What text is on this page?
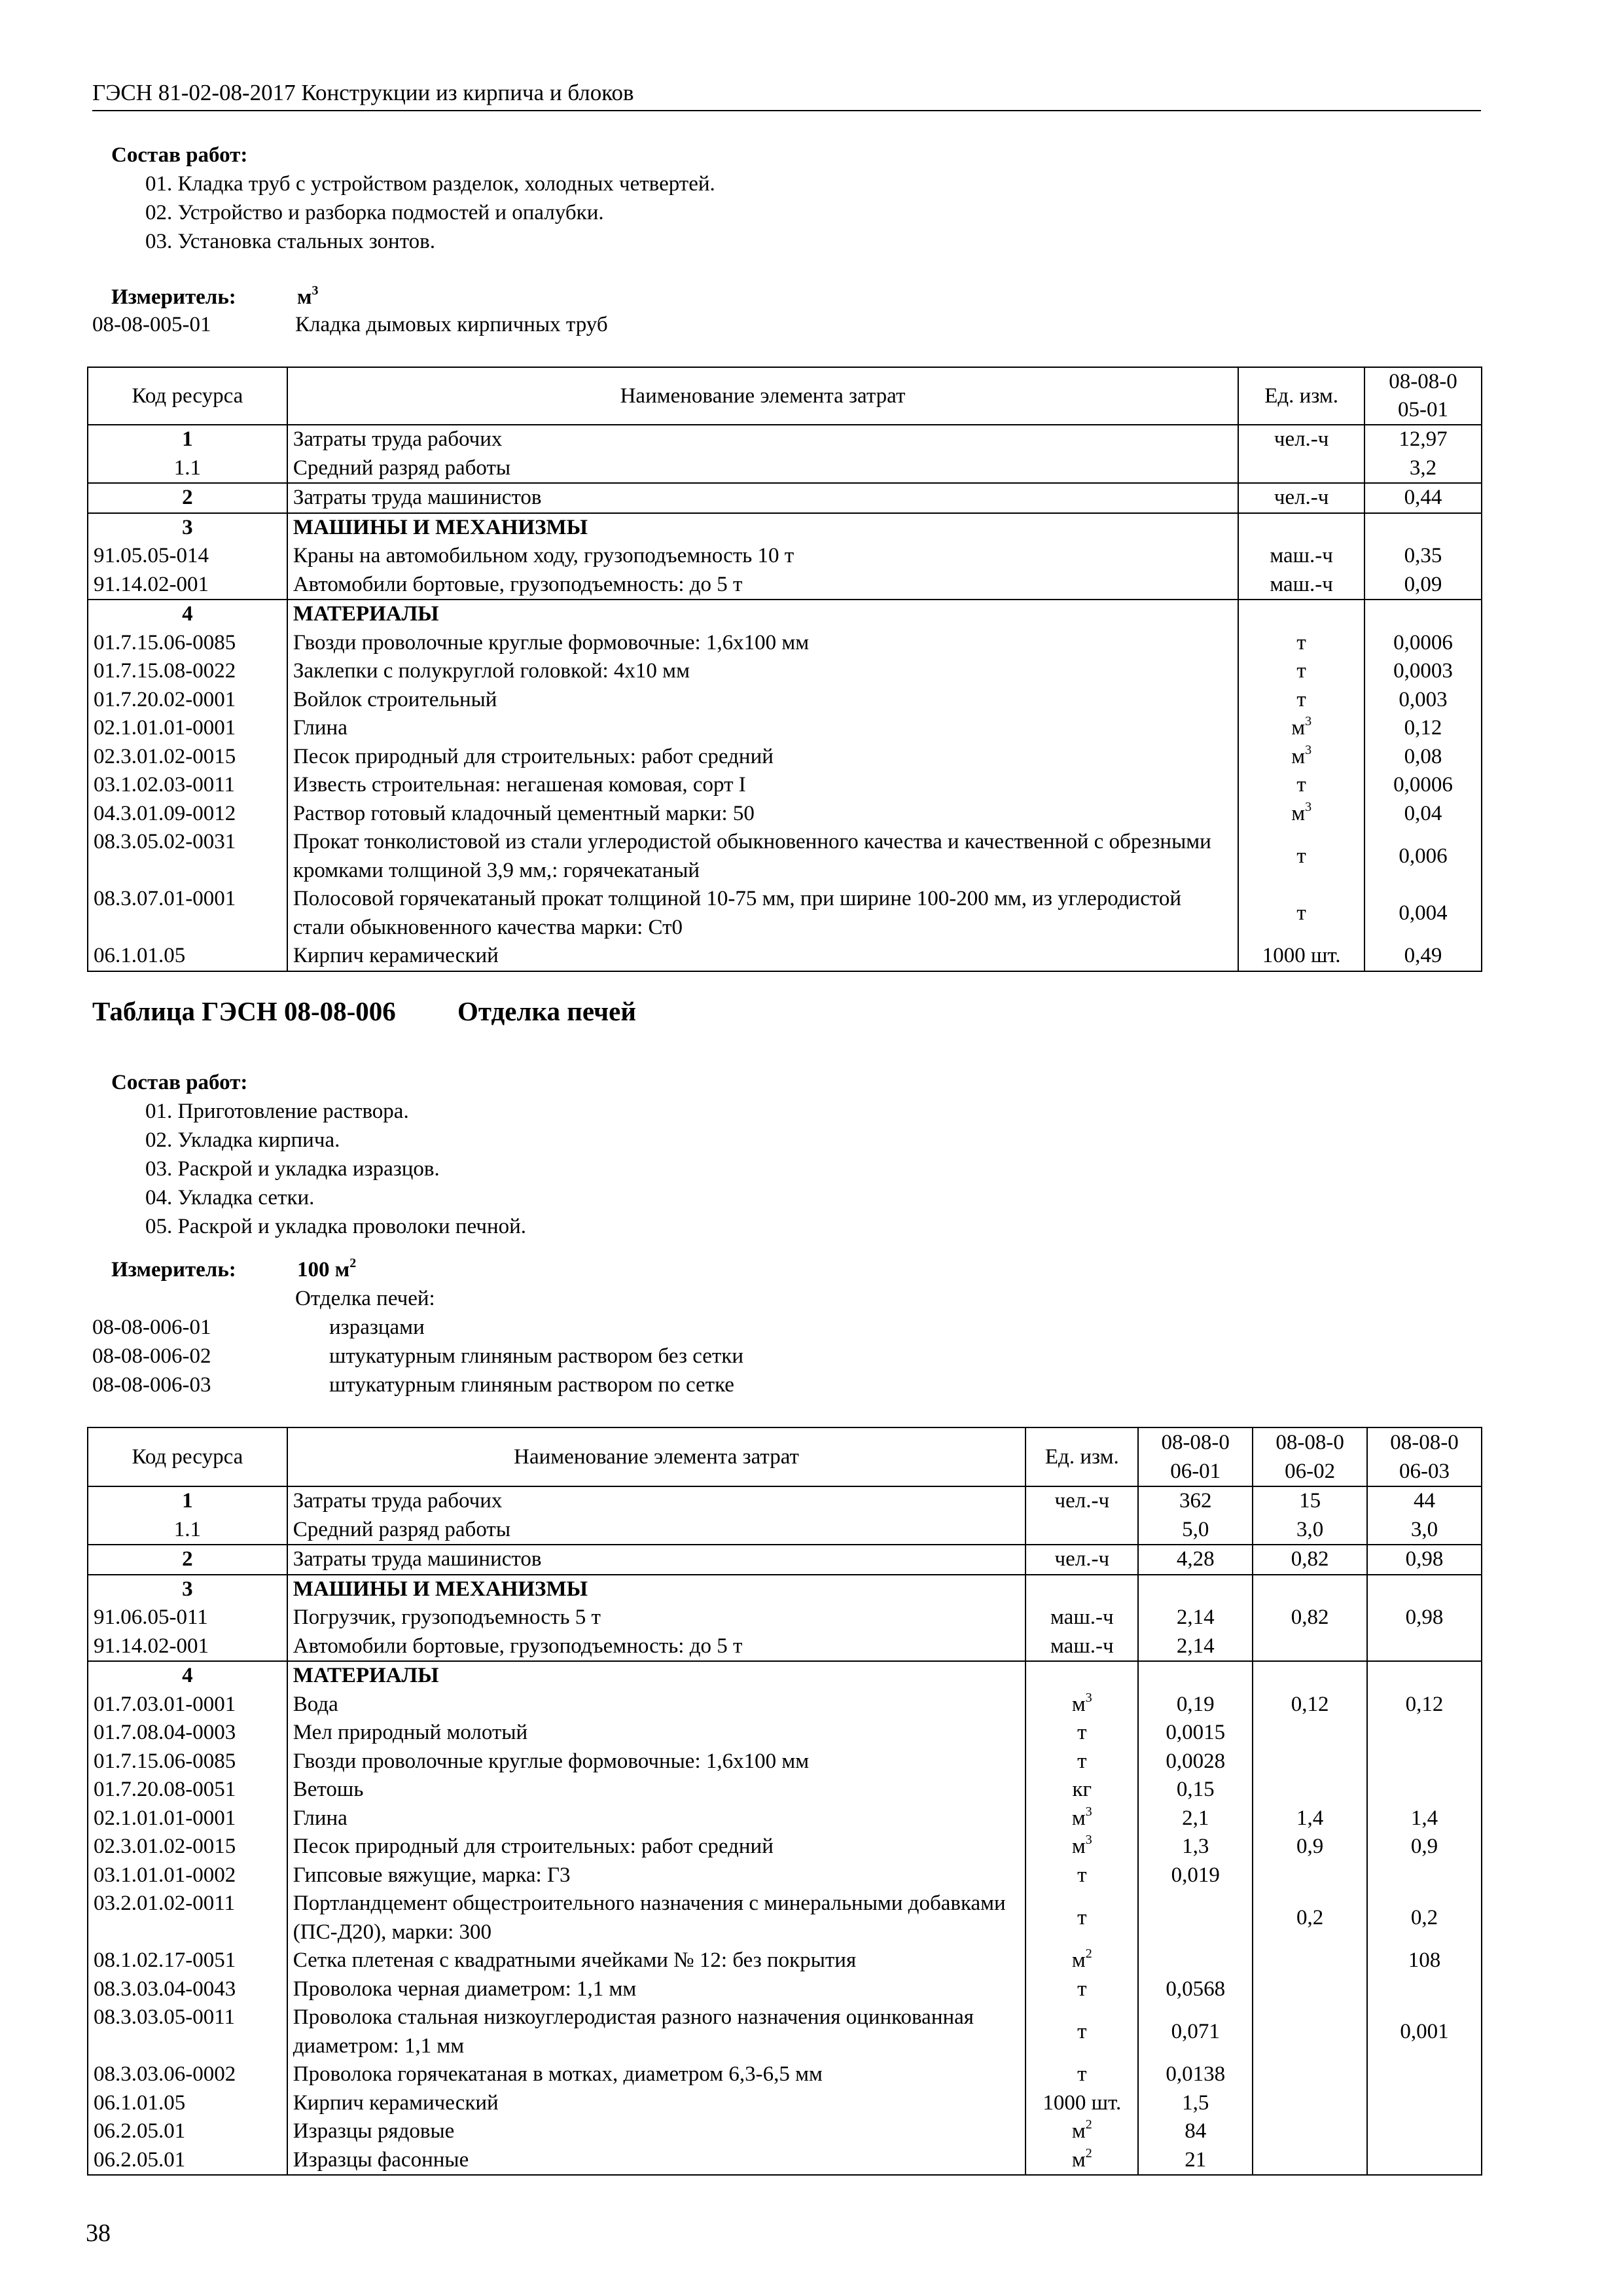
ГЭСН 81-02-08-2017 Конструкции из кирпича и блоков
Состав работ:
01. Кладка труб с устройством разделок, холодных четвертей.
02. Устройство и разборка подмостей и опалубки.
03. Установка стальных зонтов.
Измеритель:	$м^3$
08-08-005-01	Кладка дымовых кирпичных труб
Код ресурса	Наименование элемента затрат	Ед. изм.	08-08-005-01
1	Затраты труда рабочих	чел.-ч	12,97
1.1	Средний разряд работы		3,2
2	Затраты труда машинистов	чел.-ч	0,44
3	МАШИНЫ И МЕХАНИЗМЫ		
91.05.05-014	Краны на автомобильном ходу, грузоподъемность 10 т	маш.-ч	0,35
91.14.02-001	Автомобили бортовые, грузоподъемность: до 5 т	маш.-ч	0,09
4	МАТЕРИАЛЫ		
01.7.15.06-0085	Гвозди проволочные круглые формовочные: 1,6х100 мм	т	0,0006
01.7.15.08-0022	Заклепки с полукруглой головкой: 4х10 мм	т	0,0003
01.7.20.02-0001	Войлок строительный	т	0,003
02.1.01.01-0001	Глина	$м^3$	0,12
02.3.01.02-0015	Песок природный для строительных: работ средний	$м^3$	0,08
03.1.02.03-0011	Известь строительная: негашеная комовая, сорт I	т	0,0006
04.3.01.09-0012	Раствор готовый кладочный цементный марки: 50	$м^3$	0,04
08.3.05.02-0031	Прокат тонколистовой из стали углеродистой обыкновенного качества и качественной с обрезными кромками толщиной 3,9 мм,: горячекатаный	т	0,006
08.3.07.01-0001	Полосовой горячекатаный прокат толщиной 10-75 мм, при ширине 100-200 мм, из углеродистой стали обыкновенного качества марки: Ст0	т	0,004
06.1.01.05	Кирпич керамический	1000 шт.	0,49
Таблица ГЭСН 08-08-006 Отделка печей
Состав работ:
01. Приготовление раствора.
02. Укладка кирпича.
03. Раскрой и укладка изразцов.
04. Укладка сетки.
05. Раскрой и укладка проволоки печной.
Измеритель:	100 $м^2$
Отделка печей:
08-08-006-01	изразцами
08-08-006-02	штукатурным глиняным раствором без сетки
08-08-006-03	штукатурным глиняным раствором по сетке
Код ресурса	Наименование элемента затрат	Ед. изм.	08-08-006-01	08-08-006-02	08-08-006-03
1	Затраты труда рабочих	чел.-ч	362	15	44
1.1	Средний разряд работы		5,0	3,0	3,0
2	Затраты труда машинистов	чел.-ч	4,28	0,82	0,98
3	МАШИНЫ И МЕХАНИЗМЫ				
91.06.05-011	Погрузчик, грузоподъемность 5 т	маш.-ч	2,14	0,82	0,98
91.14.02-001	Автомобили бортовые, грузоподъемность: до 5 т	маш.-ч	2,14		
4	МАТЕРИАЛЫ				
01.7.03.01-0001	Вода	$м^3$	0,19	0,12	0,12
01.7.08.04-0003	Мел природный молотый	т	0,0015		
01.7.15.06-0085	Гвозди проволочные круглые формовочные: 1,6х100 мм	т	0,0028		
01.7.20.08-0051	Ветошь	кг	0,15		
02.1.01.01-0001	Глина	$м^3$	2,1	1,4	1,4
02.3.01.02-0015	Песок природный для строительных: работ средний	$м^3$	1,3	0,9	0,9
03.1.01.01-0002	Гипсовые вяжущие, марка: Г3	т	0,019		
03.2.01.02-0011	Портландцемент общестроительного назначения с минеральными добавками (ПС-Д20), марки: 300	т		0,2	0,2
08.1.02.17-0051	Сетка плетеная с квадратными ячейками № 12: без покрытия	$м^2$			108
08.3.03.04-0043	Проволока черная диаметром: 1,1 мм	т	0,0568		
08.3.03.05-0011	Проволока стальная низкоуглеродистая разного назначения оцинкованная диаметром: 1,1 мм	т	0,071		0,001
08.3.03.06-0002	Проволока горячекатаная в мотках, диаметром 6,3-6,5 мм	т	0,0138		
06.1.01.05	Кирпич керамический	1000 шт.	1,5		
06.2.05.01	Изразцы рядовые	$м^2$	84		
06.2.05.01	Изразцы фасонные	$м^2$	21		
38
